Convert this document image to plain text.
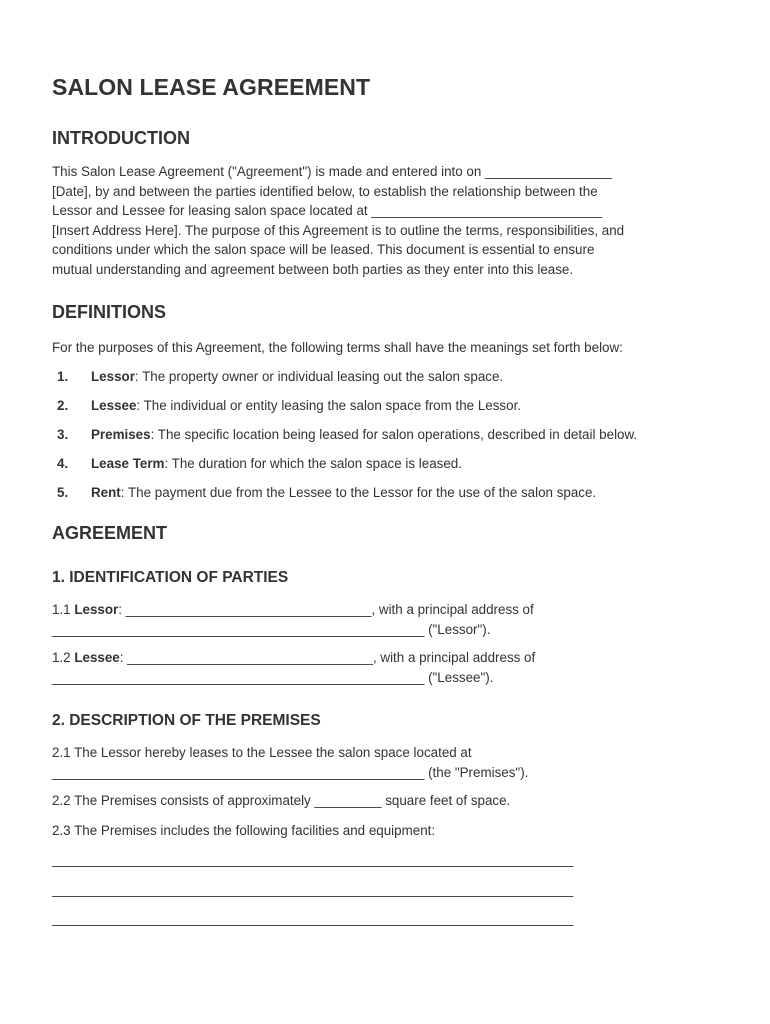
SALON LEASE AGREEMENT
INTRODUCTION

This Salon Lease Agreement ("Agreement") is made and entered into on _________________
[Date], by and between the parties identified below, to establish the relationship between the
Lessor and Lessee for leasing salon space located at _______________________________
[Insert Address Here]. The purpose of this Agreement is to outline the terms, responsibilities, and
conditions under which the salon space will be leased. This document is essential to ensure
mutual understanding and agreement between both parties as they enter into this lease.

DEFINITIONS

For the purposes of this Agreement, the following terms shall have the meanings set forth below:

1. Lessor: The property owner or individual leasing out the salon space.
2. Lessee: The individual or entity leasing the salon space from the Lessor.
3. Premises: The specific location being leased for salon operations, described in detail below.
4. Lease Term: The duration for which the salon space is leased.
5. Rent: The payment due from the Lessee to the Lessor for the use of the salon space.
AGREEMENT
1. IDENTIFICATION OF PARTIES

1.1 Lessor: _________________________________, with a principal address of
__________________________________________________ ("Lessor").

1.2 Lessee: _________________________________, with a principal address of
__________________________________________________ ("Lessee").

2. DESCRIPTION OF THE PREMISES

2.1 The Lessor hereby leases to the Lessee the salon space located at
__________________________________________________ (the "Premises").

2.2 The Premises consists of approximately _________ square feet of space.

2.3 The Premises includes the following facilities and equipment:

______________________________________________________________________
______________________________________________________________________
______________________________________________________________________
